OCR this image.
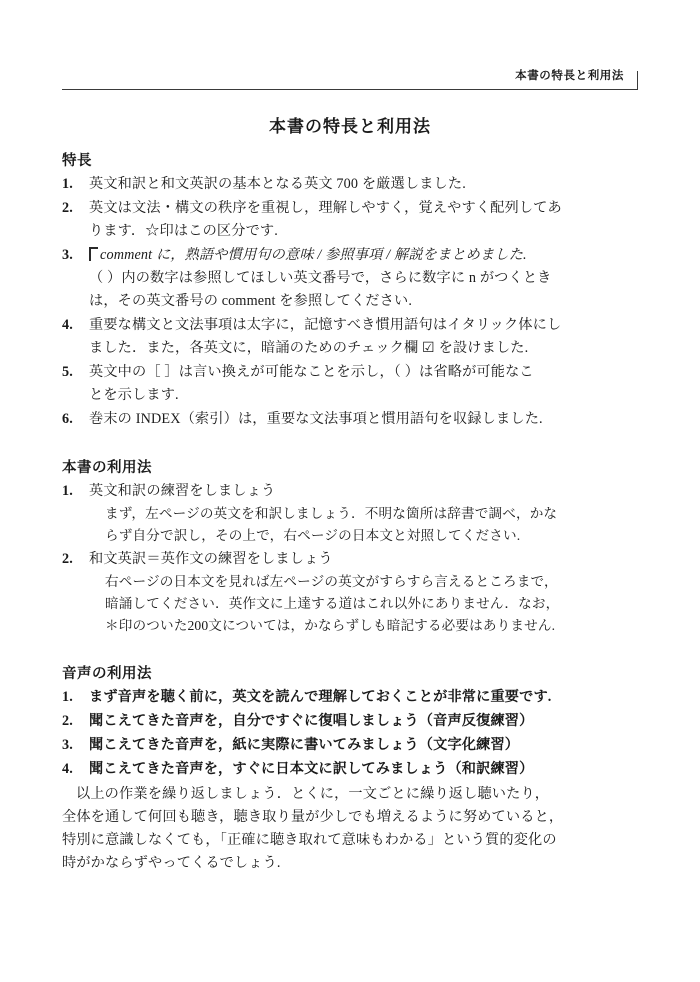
本書の特長と利用法
本書の特長と利用法
特長
1.	英文和訳と和文英訳の基本となる英文 700 を厳選しました.
2.	英文は文法・構文の秩序を重視し，理解しやすく，覚えやすく配列してあ
ります．☆印はこの区分です.
3.	comment に，熟語や慣用句の意味 / 参照事項 / 解説をまとめました.
（ ）内の数字は参照してほしい英文番号で，さらに数字に n がつくとき
は，その英文番号の comment を参照してください.
4.	重要な構文と文法事項は太字に，記憶すべき慣用語句はイタリック体にし
ました．また，各英文に，暗誦のためのチェック欄 ☑ を設けました.
5.	英文中の［ ］は言い換えが可能なことを示し，（ ）は省略が可能なこ
とを示します.
6.	巻末の INDEX（索引）は，重要な文法事項と慣用語句を収録しました.
本書の利用法
1.	英文和訳の練習をしましょう
まず，左ページの英文を和訳しましょう．不明な箇所は辞書で調べ，かな
らず自分で訳し，その上で，右ページの日本文と対照してください.
2.	和文英訳＝英作文の練習をしましょう
右ページの日本文を見れば左ページの英文がすらすら言えるところまで，
暗誦してください．英作文に上達する道はこれ以外にありません．なお，
＊印のついた200文については，かならずしも暗記する必要はありません.
音声の利用法
1.	まず音声を聴く前に，英文を読んで理解しておくことが非常に重要です.
2.	聞こえてきた音声を，自分ですぐに復唱しましょう（音声反復練習）
3.	聞こえてきた音声を，紙に実際に書いてみましょう（文字化練習）
4.	聞こえてきた音声を，すぐに日本文に訳してみましょう（和訳練習）
以上の作業を繰り返しましょう．とくに，一文ごとに繰り返し聴いたり，
全体を通して何回も聴き，聴き取り量が少しでも増えるように努めていると，
特別に意識しなくても，「正確に聴き取れて意味もわかる」という質的変化の
時がかならずやってくるでしょう.
